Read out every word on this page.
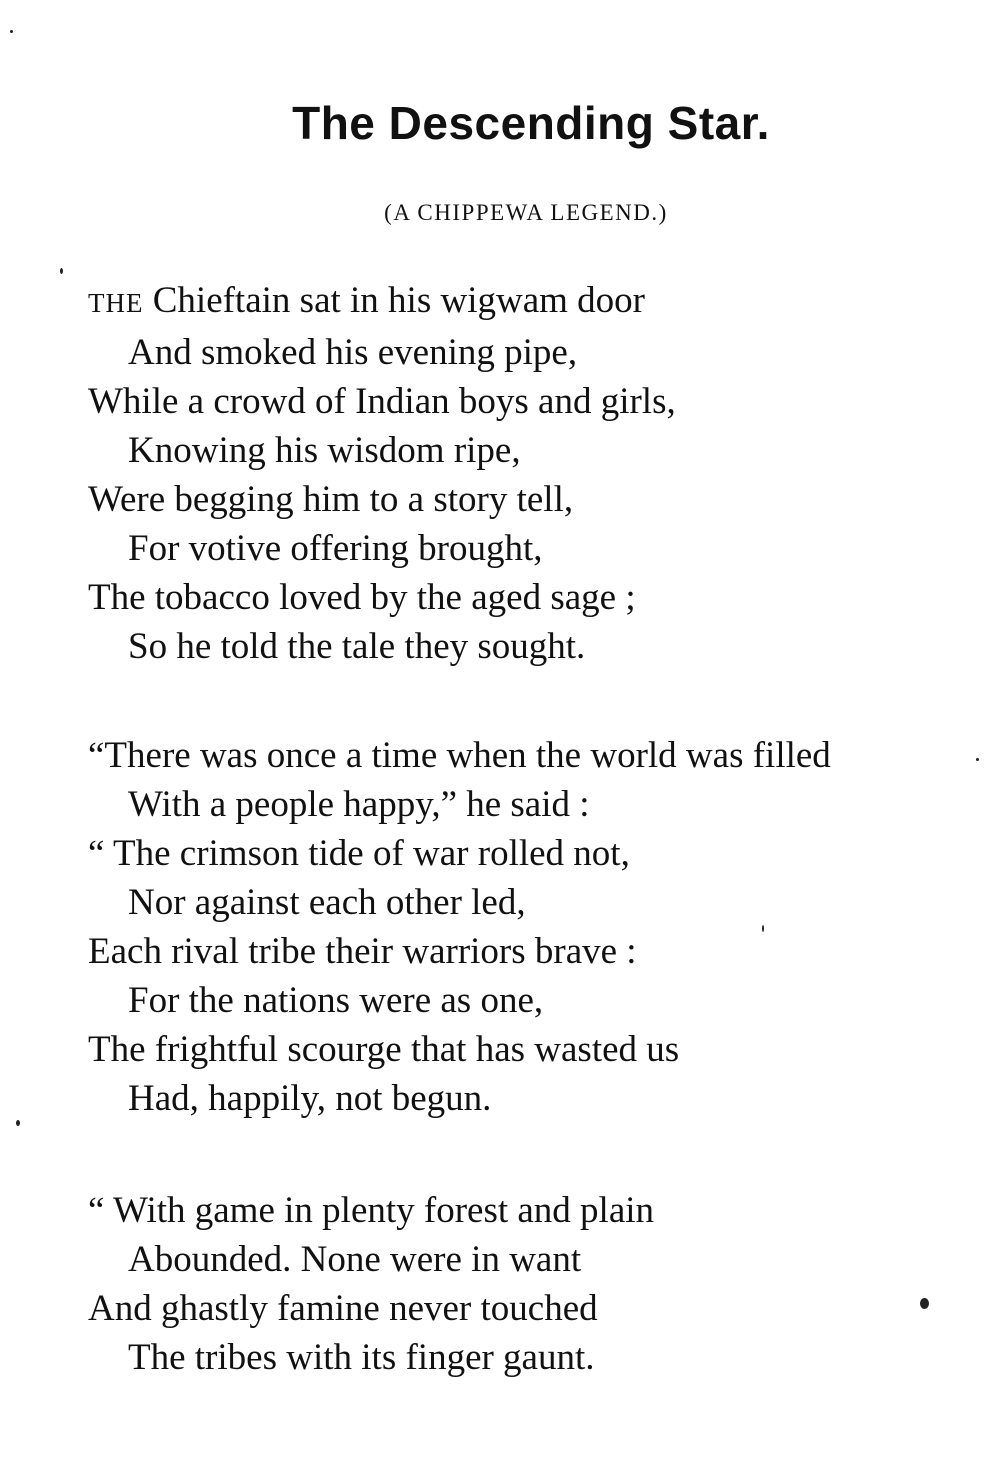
The Descending Star.

(A CHIPPEWA LEGEND.)

THE Chieftain sat in his wigwam door
And smoked his evening pipe,
While a crowd of Indian boys and girls,
Knowing his wisdom ripe,
Were begging him to a story tell,
For votive offering brought,
The tobacco loved by the aged sage ;
So he told the tale they sought.
“There was once a time when the world was filled
With a people happy,” he said :
“ The crimson tide of war rolled not,
Nor against each other led,
Each rival tribe their warriors brave :
For the nations were as one,
The frightful scourge that has wasted us
Had, happily, not begun.
“ With game in plenty forest and plain
Abounded. None were in want
And ghastly famine never touched
The tribes with its finger gaunt.
